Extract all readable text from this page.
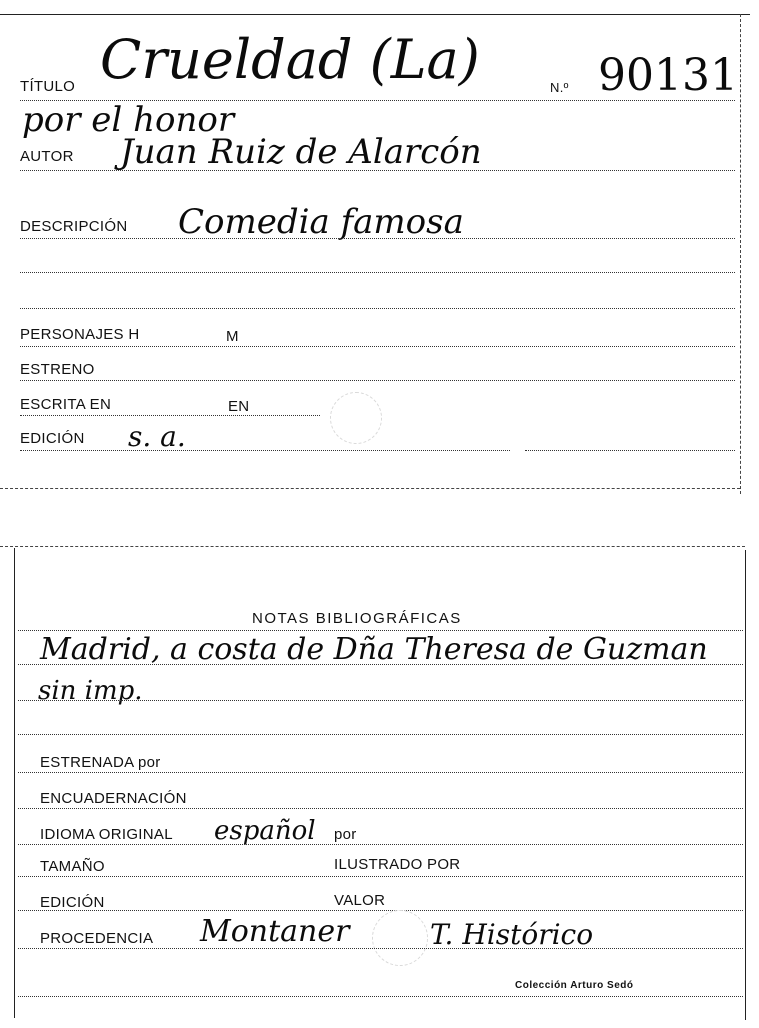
TÍTULO Crueldad (La)	N.º 90131
por el honor
AUTOR Juan Ruiz de Alarcón
DESCRIPCIÓN Comedia famosa
PERSONAJES H	M
ESTRENO
ESCRITA EN	EN
EDICIÓN s. a.
NOTAS BIBLIOGRÁFICAS
Madrid, a costa de Dña Theresa de Guzman
sin imp.
ESTRENADA por
ENCUADERNACIÓN
IDIOMA ORIGINAL español por
TAMAÑO	ILUSTRADO POR
EDICIÓN	VALOR
PROCEDENCIA Montaner	T. Histórico
Colección Arturo Sedó
